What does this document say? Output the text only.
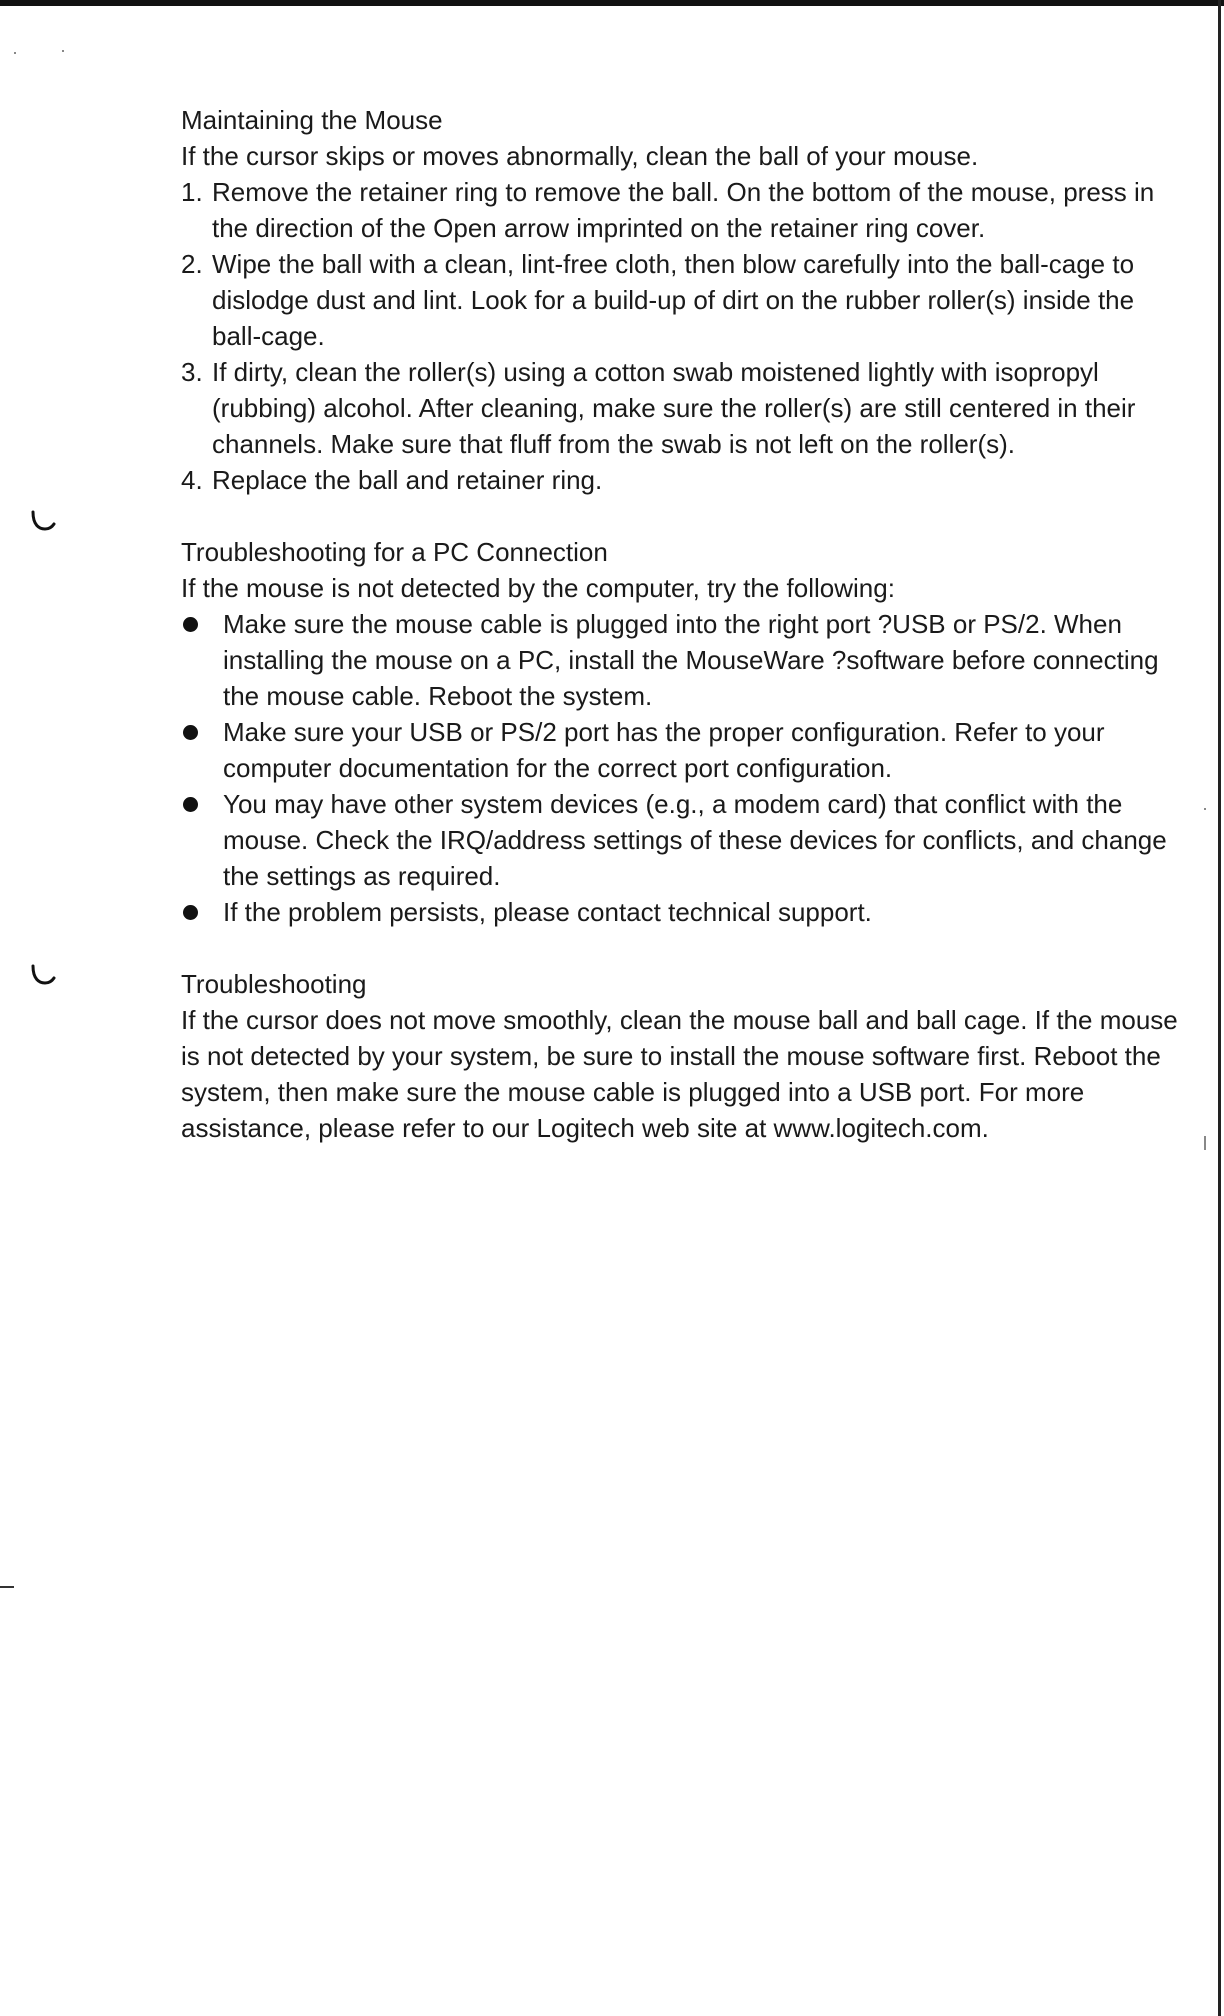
Maintaining the Mouse

If the cursor skips or moves abnormally, clean the ball of your mouse.

1. Remove the retainer ring to remove the ball. On the bottom of the mouse, press in the direction of the Open arrow imprinted on the retainer ring cover.
2. Wipe the ball with a clean, lint-free cloth, then blow carefully into the ball-cage to dislodge dust and lint. Look for a build-up of dirt on the rubber roller(s) inside the ball-cage.
3. If dirty, clean the roller(s) using a cotton swab moistened lightly with isopropyl (rubbing) alcohol. After cleaning, make sure the roller(s) are still centered in their channels. Make sure that fluff from the swab is not left on the roller(s).
4. Replace the ball and retainer ring.
Troubleshooting for a PC Connection

If the mouse is not detected by the computer, try the following:

Make sure the mouse cable is plugged into the right port ?USB or PS/2. When installing the mouse on a PC, install the MouseWare ?software before connecting the mouse cable. Reboot the system.
Make sure your USB or PS/2 port has the proper configuration. Refer to your computer documentation for the correct port configuration.
You may have other system devices (e.g., a modem card) that conflict with the mouse. Check the IRQ/address settings of these devices for conflicts, and change the settings as required.
If the problem persists, please contact technical support.
Troubleshooting

If the cursor does not move smoothly, clean the mouse ball and ball cage. If the mouse is not detected by your system, be sure to install the mouse software first. Reboot the system, then make sure the mouse cable is plugged into a USB port. For more assistance, please refer to our Logitech web site at www.logitech.com.
